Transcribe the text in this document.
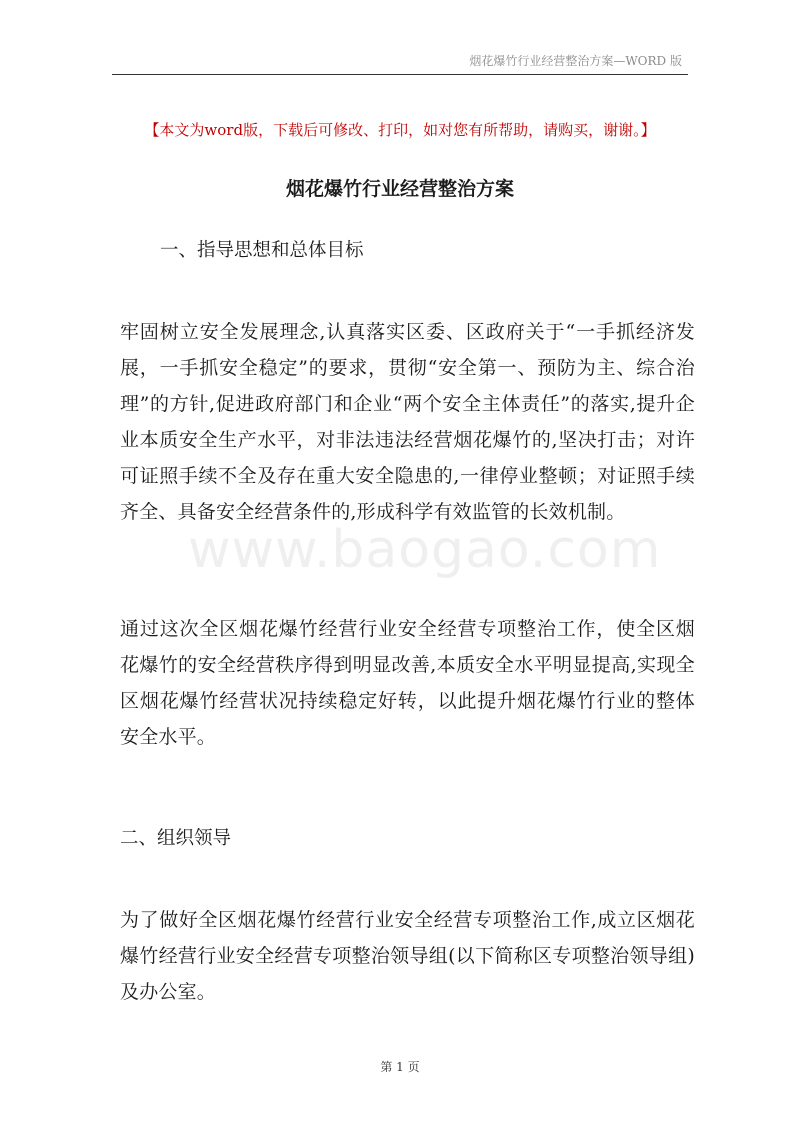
烟花爆竹行业经营整治方案—WORD 版
【本文为word版，下载后可修改、打印，如对您有所帮助，请购买，谢谢。】
烟花爆竹行业经营整治方案
一、指导思想和总体目标
牢固树立安全发展理念,认真落实区委、区政府关于“一手抓经济发展，一手抓安全稳定”的要求，贯彻“安全第一、预防为主、综合治理”的方针,促进政府部门和企业“两个安全主体责任”的落实,提升企业本质安全生产水平，对非法违法经营烟花爆竹的,坚决打击；对许可证照手续不全及存在重大安全隐患的,一律停业整顿；对证照手续齐全、具备安全经营条件的,形成科学有效监管的长效机制。
www.baogao.com
通过这次全区烟花爆竹经营行业安全经营专项整治工作，使全区烟花爆竹的安全经营秩序得到明显改善,本质安全水平明显提高,实现全区烟花爆竹经营状况持续稳定好转，以此提升烟花爆竹行业的整体安全水平。
二、组织领导
为了做好全区烟花爆竹经营行业安全经营专项整治工作,成立区烟花爆竹经营行业安全经营专项整治领导组(以下简称区专项整治领导组)及办公室。
第 1 页
